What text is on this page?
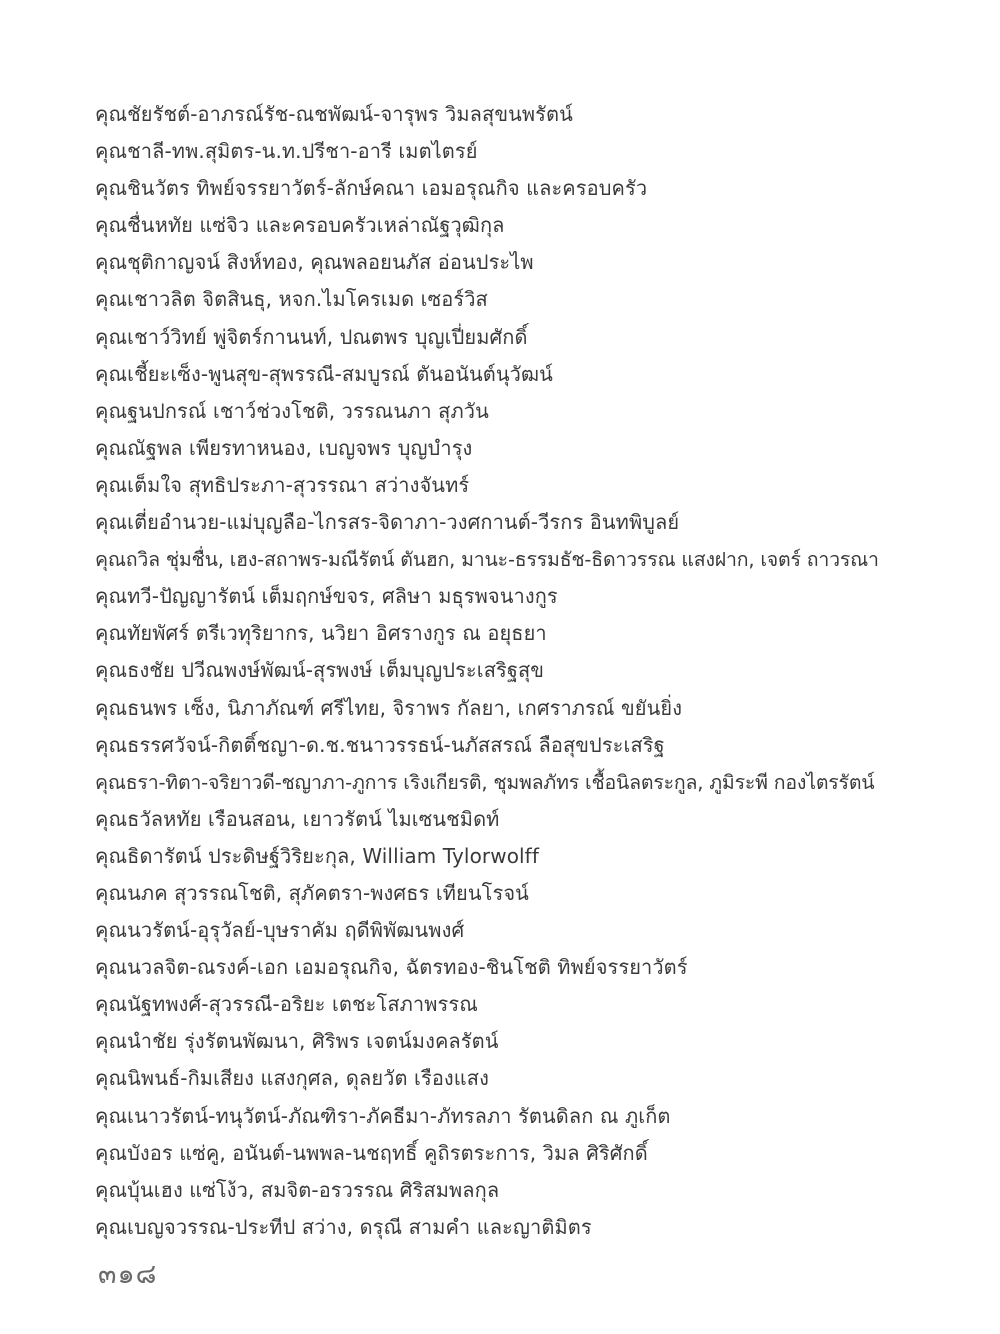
คุณชัยรัชต์-อาภรณ์รัช-ณชพัฒน์-จารุพร วิมลสุขนพรัตน์
คุณชาลี-ทพ.สุมิตร-น.ท.ปรีชา-อารี เมตไตรย์
คุณชินวัตร ทิพย์จรรยาวัตร์-ลักษ์คณา เอมอรุณกิจ และครอบครัว
คุณชื่นหทัย แซ่จิว และครอบครัวเหล่าณัฐวุฒิกุล
คุณชุติกาญจน์ สิงห์ทอง, คุณพลอยนภัส อ่อนประไพ
คุณเชาวลิต จิตสินธุ, หจก.ไมโครเมด เซอร์วิส
คุณเชาว์วิทย์ พู่จิตร์กานนท์, ปณตพร บุญเปี่ยมศักดิ์
คุณเชี้ยะเซ็ง-พูนสุข-สุพรรณี-สมบูรณ์ ตันอนันต์นุวัฒน์
คุณฐนปกรณ์ เชาว์ช่วงโชติ, วรรณนภา สุภวัน
คุณณัฐพล เพียรทาหนอง, เบญจพร บุญบำรุง
คุณเต็มใจ สุทธิประภา-สุวรรณา สว่างจันทร์
คุณเตี่ยอำนวย-แม่บุญลือ-ไกรสร-จิดาภา-วงศกานต์-วีรกร อินทพิบูลย์
คุณถวิล ชุ่มชื่น, เฮง-สถาพร-มณีรัตน์ ตันฮก, มานะ-ธรรมธัช-ธิดาวรรณ แสงฝาก, เจตร์ ถาวรณา
คุณทวี-ปัญญารัตน์ เต็มฤกษ์ขจร, ศลิษา มธุรพจนางกูร
คุณทัยพัศร์ ตรีเวทุริยากร, นวิยา อิศรางกูร ณ อยุธยา
คุณธงชัย ปวีณพงษ์พัฒน์-สุรพงษ์ เต็มบุญประเสริฐสุข
คุณธนพร เซ็ง, นิภาภัณฑ์ ศรีไทย, จิราพร กัลยา, เกศราภรณ์ ขยันยิ่ง
คุณธรรศวัจน์-กิตติ์ชญา-ด.ช.ชนาวรรธน์-นภัสสรณ์ ลือสุขประเสริฐ
คุณธรา-ทิตา-จริยาวดี-ชญาภา-ภูการ เริงเกียรติ, ชุมพลภัทร เชื้อนิลตระกูล, ภูมิระพี กองไตรรัตน์
คุณธวัลหทัย เรือนสอน, เยาวรัตน์ ไมเซนชมิดท์
คุณธิดารัตน์ ประดิษฐ์วิริยะกุล, William Tylorwolff
คุณนภค สุวรรณโชติ, สุภัคตรา-พงศธร เทียนโรจน์
คุณนวรัตน์-อุรุวัลย์-บุษราคัม ฤดีพิพัฒนพงศ์
คุณนวลจิต-ณรงค์-เอก เอมอรุณกิจ, ฉัตรทอง-ชินโชติ ทิพย์จรรยาวัตร์
คุณนัฐทพงศ์-สุวรรณี-อริยะ เตชะโสภาพรรณ
คุณนำชัย รุ่งรัตนพัฒนา, ศิริพร เจตน์มงคลรัตน์
คุณนิพนธ์-กิมเสียง แสงกุศล, ดุลยวัต เรืองแสง
คุณเนาวรัตน์-ทนุวัตน์-ภัณฑิรา-ภัคธีมา-ภัทรลภา รัตนดิลก ณ ภูเก็ต
คุณบังอร แซ่คู, อนันต์-นพพล-นชฤทธิ์ คูถิรตระการ, วิมล ศิริศักดิ์
คุณบุ้นเฮง แซ่โง้ว, สมจิต-อรวรรณ ศิริสมพลกุล
คุณเบญจวรรณ-ประทีป สว่าง, ดรุณี สามคำ และญาติมิตร
๓๑๘
